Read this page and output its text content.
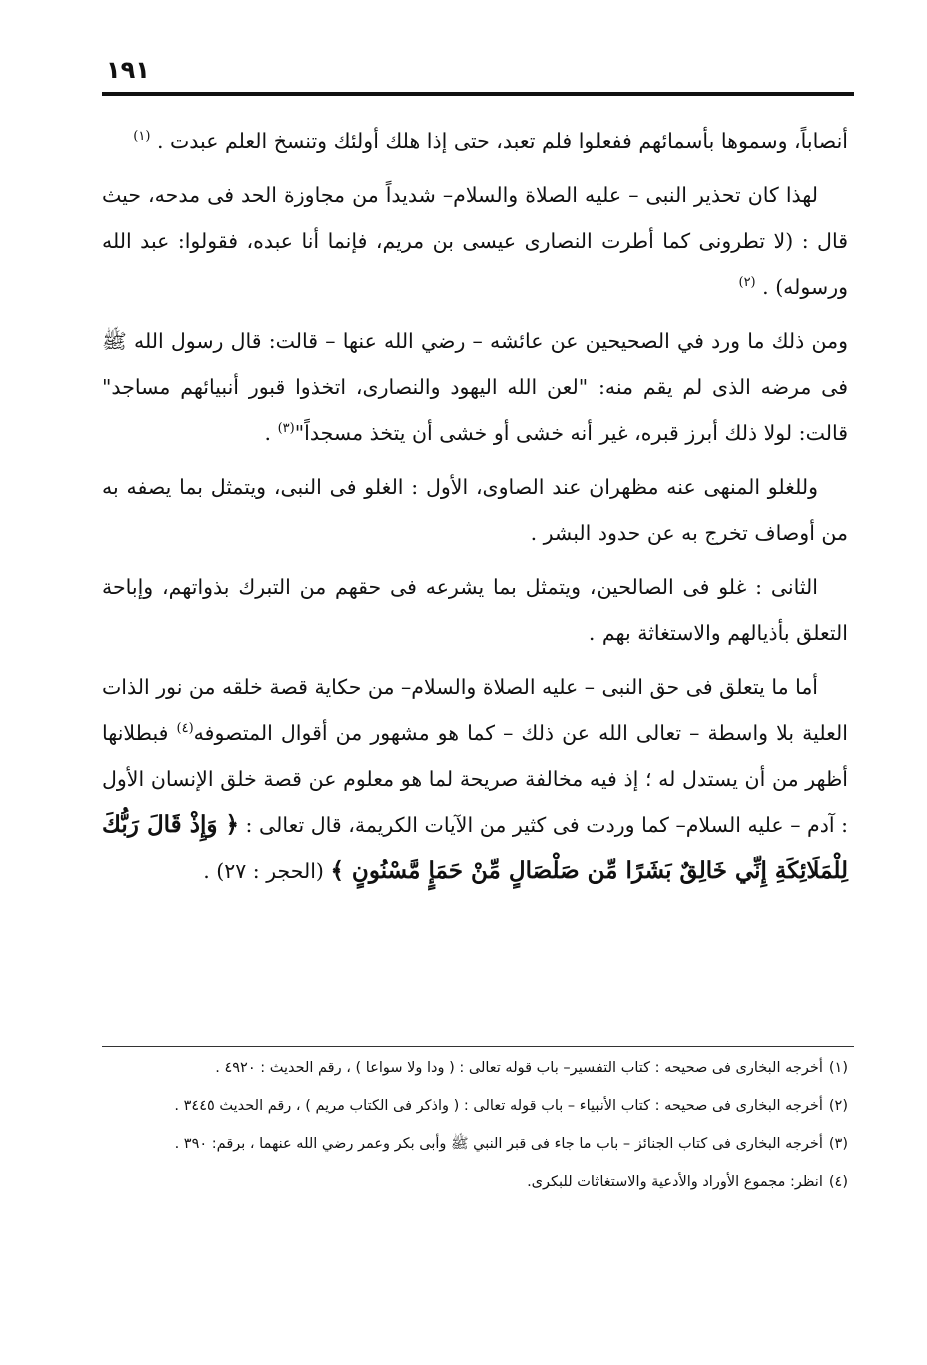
١٩١

أنصاباً، وسموها بأسمائهم ففعلوا فلم تعبد، حتى إذا هلك أولئك وتنسخ العلم عبدت . $^{(١)}$

لهذا كان تحذير النبى – عليه الصلاة والسلام– شديداً من مجاوزة الحد فى مدحه، حيث قال : (لا تطرونى كما أطرت النصارى عيسى بن مريم، فإنما أنا عبده، فقولوا: عبد الله ورسوله) . $^{(٢)}$

ومن ذلك ما ورد في الصحيحين عن عائشه – رضي الله عنها – قالت: قال رسول الله ﷺ فى مرضه الذى لم يقم منه: "لعن الله اليهود والنصارى، اتخذوا قبور أنبيائهم مساجد" قالت: لولا ذلك أبرز قبره، غير أنه خشى أو خشى أن يتخذ مسجداً"$^{(٣)}$ .

وللغلو المنهى عنه مظهران عند الصاوى، الأول : الغلو فى النبى، ويتمثل بما يصفه به من أوصاف تخرج به عن حدود البشر .

الثانى : غلو فى الصالحين، ويتمثل بما يشرعه فى حقهم من التبرك بذواتهم، وإباحة التعلق بأذيالهم والاستغاثة بهم .

أما ما يتعلق فى حق النبى – عليه الصلاة والسلام– من حكاية قصة خلقه من نور الذات العلية بلا واسطة – تعالى الله عن ذلك – كما هو مشهور من أقوال المتصوفه$^{(٤)}$ فبطلانها أظهر من أن يستدل له ؛ إذ فيه مخالفة صريحة لما هو معلوم عن قصة خلق الإنسان الأول : آدم – عليه السلام– كما وردت فى كثير من الآيات الكريمة، قال تعالى : ﴿ وَإِذْ قَالَ رَبُّكَ لِلْمَلَائِكَةِ إِنِّي خَالِقٌ بَشَرًا مِّن صَلْصَالٍ مِّنْ حَمَإٍ مَّسْنُونٍ ﴾ (الحجر : ٢٧) .

(١)أخرجه البخارى فى صحيحه : كتاب التفسير– باب قوله تعالى : ( ودا ولا سواعا ) ، رقم الحديث : ٤٩٢٠ .
(٢)أخرجه البخارى فى صحيحه : كتاب الأنبياء – باب قوله تعالى : ( واذكر فى الكتاب مريم ) ، رقم الحديث ٣٤٤٥ .
(٣)أخرجه البخارى فى كتاب الجنائز – باب ما جاء فى قبر النبي ﷺ وأبى بكر وعمر رضي الله عنهما ، برقم: ٣٩٠ .
(٤)انظر: مجموع الأوراد والأدعية والاستغاثات للبكرى.
